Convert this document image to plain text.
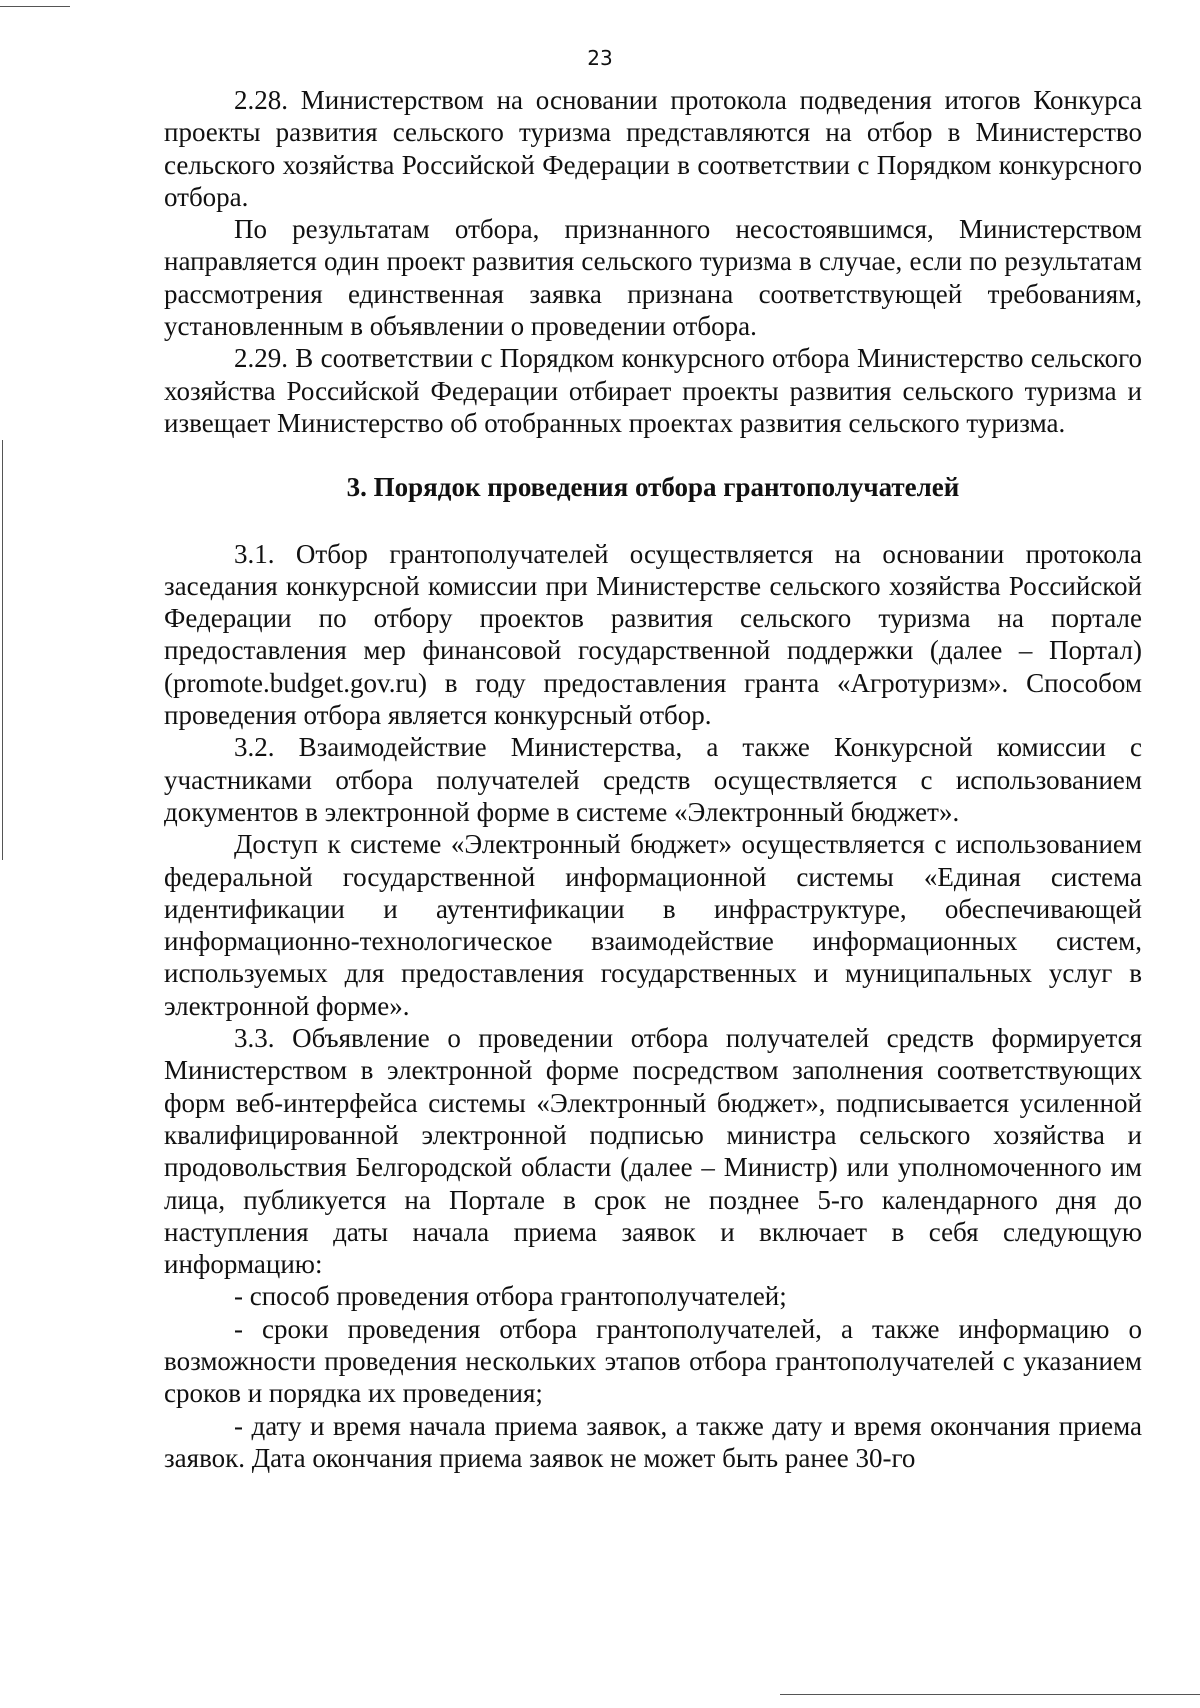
23

2.28. Министерством на основании протокола подведения итогов Конкурса проекты развития сельского туризма представляются на отбор в Министерство сельского хозяйства Российской Федерации в соответствии с Порядком конкурсного отбора.

По результатам отбора, признанного несостоявшимся, Министерством направляется один проект развития сельского туризма в случае, если по результатам рассмотрения единственная заявка признана соответствующей требованиям, установленным в объявлении о проведении отбора.

2.29. В соответствии с Порядком конкурсного отбора Министерство сельского хозяйства Российской Федерации отбирает проекты развития сельского туризма и извещает Министерство об отобранных проектах развития сельского туризма.

3. Порядок проведения отбора грантополучателей

3.1. Отбор грантополучателей осуществляется на основании протокола заседания конкурсной комиссии при Министерстве сельского хозяйства Российской Федерации по отбору проектов развития сельского туризма на портале предоставления мер финансовой государственной поддержки (далее – Портал) (promote.budget.gov.ru) в году предоставления гранта «Агротуризм». Способом проведения отбора является конкурсный отбор.

3.2. Взаимодействие Министерства, а также Конкурсной комиссии с участниками отбора получателей средств осуществляется с использованием документов в электронной форме в системе «Электронный бюджет».

Доступ к системе «Электронный бюджет» осуществляется с использованием федеральной государственной информационной системы «Единая система идентификации и аутентификации в инфраструктуре, обеспечивающей информационно-технологическое взаимодействие информационных систем, используемых для предоставления государственных и муниципальных услуг в электронной форме».

3.3. Объявление о проведении отбора получателей средств формируется Министерством в электронной форме посредством заполнения соответствующих форм веб-интерфейса системы «Электронный бюджет», подписывается усиленной квалифицированной электронной подписью министра сельского хозяйства и продовольствия Белгородской области (далее – Министр) или уполномоченного им лица, публикуется на Портале в срок не позднее 5-го календарного дня до наступления даты начала приема заявок и включает в себя следующую информацию:

- способ проведения отбора грантополучателей;

- сроки проведения отбора грантополучателей, а также информацию о возможности проведения нескольких этапов отбора грантополучателей с указанием сроков и порядка их проведения;

- дату и время начала приема заявок, а также дату и время окончания приема заявок. Дата окончания приема заявок не может быть ранее 30-го
